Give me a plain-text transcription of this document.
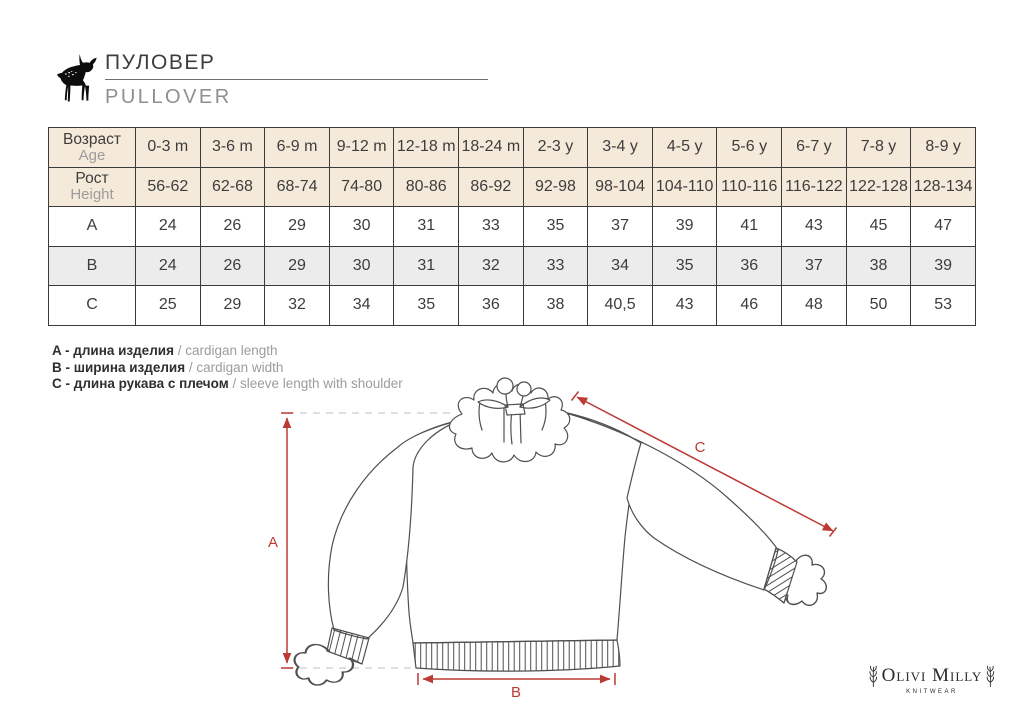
ПУЛОВЕР
PULLOVER
Возраст
Age	0-3 m	3-6 m	6-9 m	9-12 m	12-18 m	18-24 m	2-3 y	3-4 y	4-5 y	5-6 y	6-7 y	7-8 y	8-9 y

Рост
Height	56-62	62-68	68-74	74-80	80-86	86-92	92-98	98-104	104-110	110-116	116-122	122-128	128-134
A	24	26	29	30	31	33	35	37	39	41	43	45	47
B	24	26	29	30	31	32	33	34	35	36	37	38	39
C	25	29	32	34	35	36	38	40,5	43	46	48	50	53
A - длина изделия / cardigan length
B - ширина изделия / cardigan width
C - длина рукава с плечом / sleeve length with shoulder
A
B
C
Olivi Milly
KNITWEAR
